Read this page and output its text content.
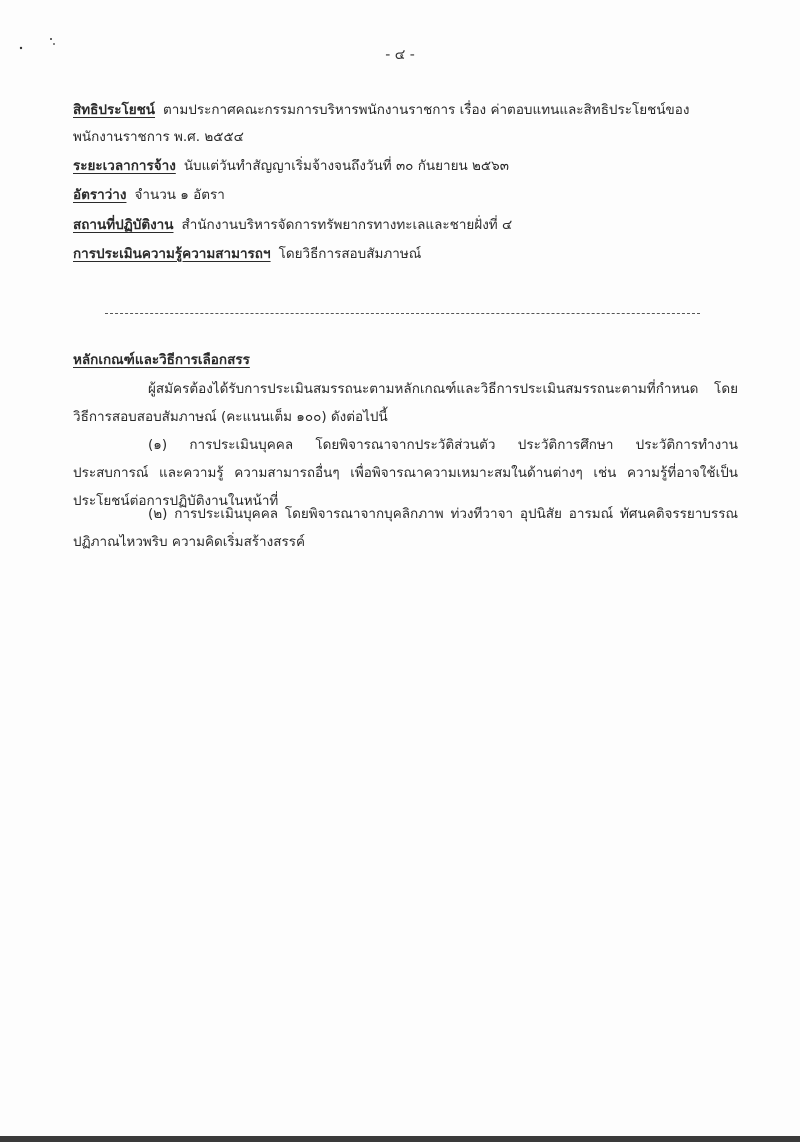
- ๔ -
สิทธิประโยชน์ ตามประกาศคณะกรรมการบริหารพนักงานราชการ เรื่อง ค่าตอบแทนและสิทธิประโยชน์ของพนักงานราชการ พ.ศ. ๒๕๕๔
ระยะเวลาการจ้าง นับแต่วันทำสัญญาเริ่มจ้างจนถึงวันที่ ๓๐ กันยายน ๒๕๖๓
อัตราว่าง จำนวน ๑ อัตรา
สถานที่ปฏิบัติงาน สำนักงานบริหารจัดการทรัพยากรทางทะเลและชายฝั่งที่ ๔
การประเมินความรู้ความสามารถฯ โดยวิธีการสอบสัมภาษณ์
หลักเกณฑ์และวิธีการเลือกสรร
ผู้สมัครต้องได้รับการประเมินสมรรถนะตามหลักเกณฑ์และวิธีการประเมินสมรรถนะตามที่กำหนด โดยวิธีการสอบสอบสัมภาษณ์ (คะแนนเต็ม ๑๐๐) ดังต่อไปนี้
(๑) การประเมินบุคคล โดยพิจารณาจากประวัติส่วนตัว ประวัติการศึกษา ประวัติการทำงาน ประสบการณ์ และความรู้ ความสามารถอื่นๆ เพื่อพิจารณาความเหมาะสมในด้านต่างๆ เช่น ความรู้ที่อาจใช้เป็นประโยชน์ต่อการปฏิบัติงานในหน้าที่
(๒) การประเมินบุคคล โดยพิจารณาจากบุคลิกภาพ ท่วงทีวาจา อุปนิสัย อารมณ์ ทัศนคติจรรยาบรรณ ปฏิภาณไหวพริบ ความคิดเริ่มสร้างสรรค์
